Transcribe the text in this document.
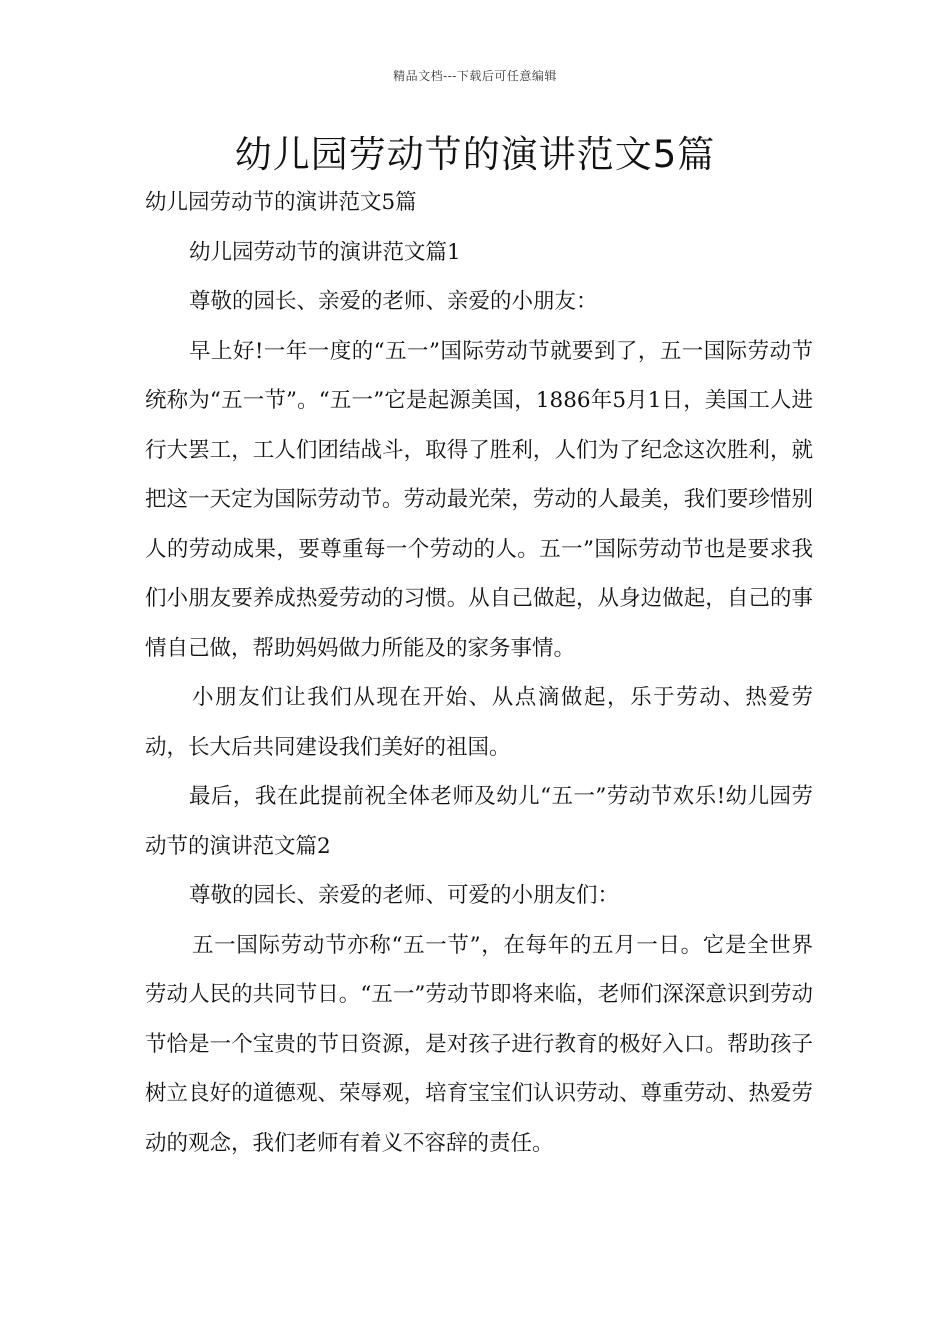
精品文档---下载后可任意编辑
幼儿园劳动节的演讲范文5篇

幼儿园劳动节的演讲范文5篇

幼儿园劳动节的演讲范文篇1

尊敬的园长、亲爱的老师、亲爱的小朋友：

早上好!一年一度的“五一”国际劳动节就要到了，五一国际劳动节统称为“五一节”。“五一”它是起源美国，1886年5月1日，美国工人进行大罢工，工人们团结战斗，取得了胜利，人们为了纪念这次胜利，就把这一天定为国际劳动节。劳动最光荣，劳动的人最美，我们要珍惜别人的劳动成果，要尊重每一个劳动的人。五一”国际劳动节也是要求我们小朋友要养成热爱劳动的习惯。从自己做起，从身边做起，自己的事情自己做，帮助妈妈做力所能及的家务事情。

小朋友们让我们从现在开始、从点滴做起，乐于劳动、热爱劳动，长大后共同建设我们美好的祖国。

最后，我在此提前祝全体老师及幼儿“五一”劳动节欢乐!幼儿园劳动节的演讲范文篇2

尊敬的园长、亲爱的老师、可爱的小朋友们：

五一国际劳动节亦称“五一节”，在每年的五月一日。它是全世界劳动人民的共同节日。“五一”劳动节即将来临，老师们深深意识到劳动节恰是一个宝贵的节日资源，是对孩子进行教育的极好入口。帮助孩子树立良好的道德观、荣辱观，培育宝宝们认识劳动、尊重劳动、热爱劳动的观念，我们老师有着义不容辞的责任。
